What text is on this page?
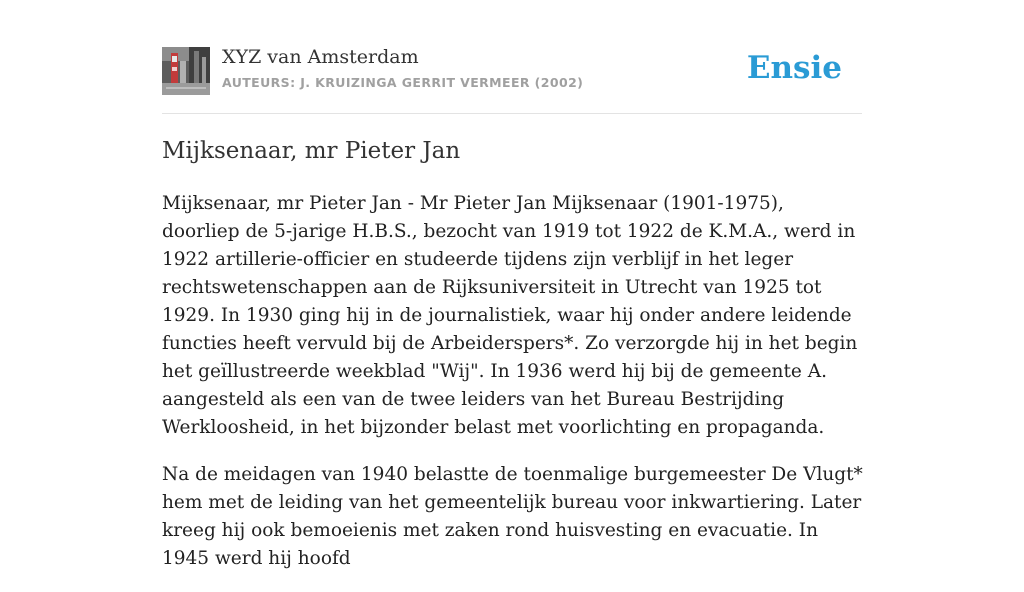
XYZ van Amsterdam
AUTEURS: J. KRUIZINGA GERRIT VERMEER (2002)	Ensie
Mijksenaar, mr Pieter Jan

Mijksenaar, mr Pieter Jan - Mr Pieter Jan Mijksenaar (1901-1975), doorliep de 5-jarige H.B.S., bezocht van 1919 tot 1922 de K.M.A., werd in 1922 artillerie-officier en studeerde tijdens zijn verblijf in het leger rechtswetenschappen aan de Rijksuniversiteit in Utrecht van 1925 tot 1929. In 1930 ging hij in de journalistiek, waar hij onder andere leidende functies heeft vervuld bij de Arbeiderspers*. Zo verzorgde hij in het begin het geïllustreerde weekblad "Wij". In 1936 werd hij bij de gemeente A. aangesteld als een van de twee leiders van het Bureau Bestrijding Werkloosheid, in het bijzonder belast met voorlichting en propaganda.

Na de meidagen van 1940 belastte de toenmalige burgemeester De Vlugt* hem met de leiding van het gemeentelijk bureau voor inkwartiering. Later kreeg hij ook bemoeienis met zaken rond huisvesting en evacuatie. In 1945 werd hij hoofd
